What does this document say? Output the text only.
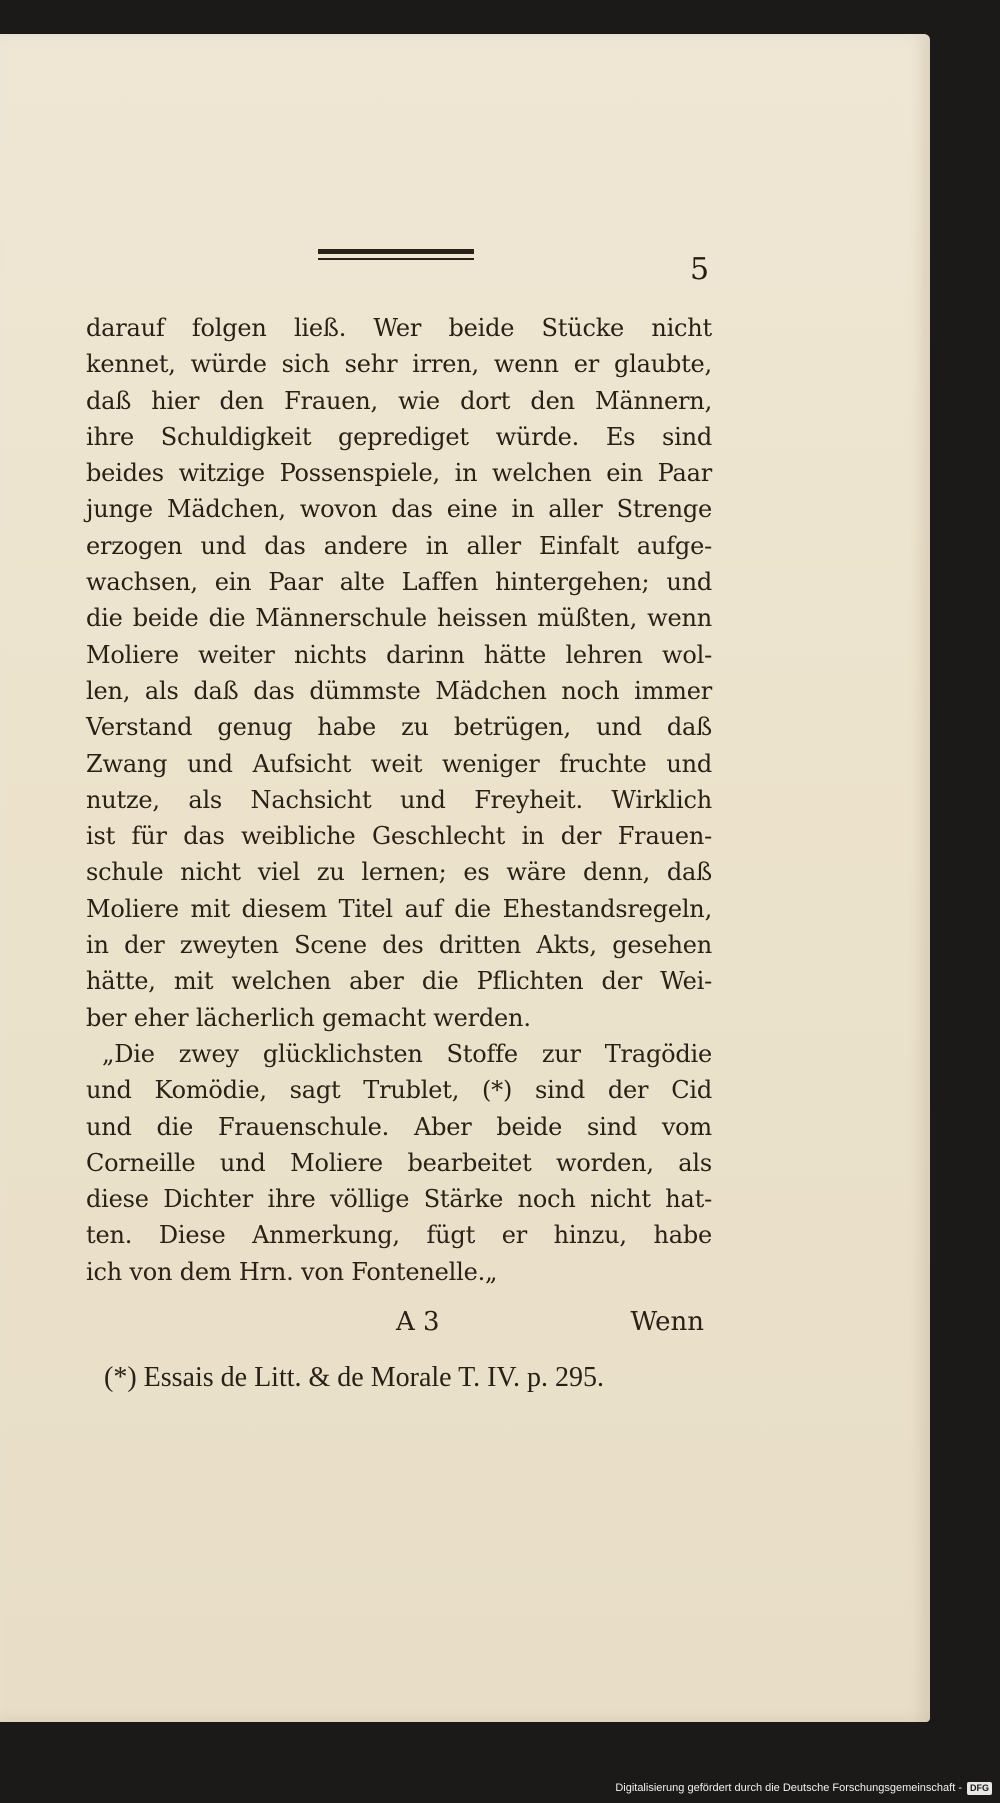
5
darauf folgen ließ. Wer beide Stücke nicht
kennet, würde sich sehr irren, wenn er glaubte,
daß hier den Frauen, wie dort den Männern,
ihre Schuldigkeit geprediget würde. Es sind
beides witzige Possenspiele, in welchen ein Paar
junge Mädchen, wovon das eine in aller Strenge
erzogen und das andere in aller Einfalt aufge-
wachsen, ein Paar alte Laffen hintergehen; und
die beide die Männerschule heissen müßten, wenn
Moliere weiter nichts darinn hätte lehren wol-
len, als daß das dümmste Mädchen noch immer
Verstand genug habe zu betrügen, und daß
Zwang und Aufsicht weit weniger fruchte und
nutze, als Nachsicht und Freyheit. Wirklich
ist für das weibliche Geschlecht in der Frauen-
schule nicht viel zu lernen; es wäre denn, daß
Moliere mit diesem Titel auf die Ehestandsregeln,
in der zweyten Scene des dritten Akts, gesehen
hätte, mit welchen aber die Pflichten der Wei-
ber eher lächerlich gemacht werden.
„Die zwey glücklichsten Stoffe zur Tragödie
und Komödie, sagt Trublet, (*) sind der Cid
und die Frauenschule. Aber beide sind vom
Corneille und Moliere bearbeitet worden, als
diese Dichter ihre völlige Stärke noch nicht hat-
ten. Diese Anmerkung, fügt er hinzu, habe
ich von dem Hrn. von Fontenelle.„
A 3	Wenn
(*) Essais de Litt. & de Morale T. IV. p. 295.
Digitalisierung gefördert durch die Deutsche Forschungsgemeinschaft - DFG
